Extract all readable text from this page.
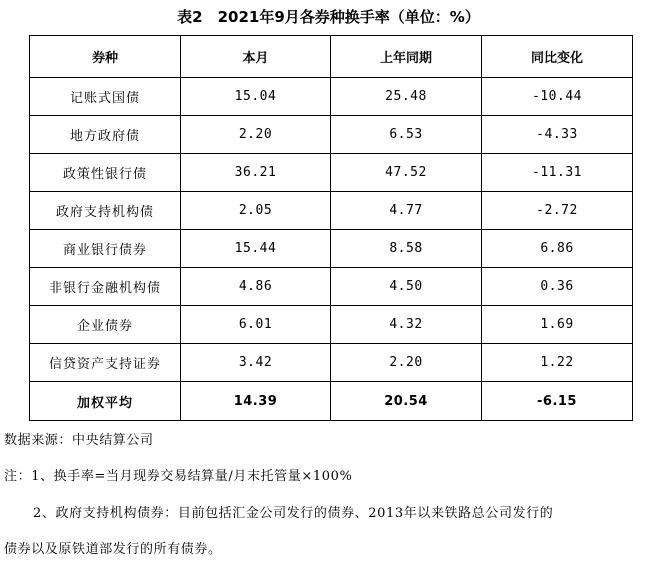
表2　2021年9月各券种换手率（单位：%）
券种	本月	上年同期	同比变化
记账式国债	15.04	25.48	-10.44
地方政府债	2.20	6.53	-4.33
政策性银行债	36.21	47.52	-11.31
政府支持机构债	2.05	4.77	-2.72
商业银行债券	15.44	8.58	6.86
非银行金融机构债	4.86	4.50	0.36
企业债券	6.01	4.32	1.69
信贷资产支持证券	3.42	2.20	1.22
加权平均	14.39	20.54	-6.15
数据来源：中央结算公司
注：1、换手率=当月现券交易结算量/月末托管量×100%
2、政府支持机构债券：目前包括汇金公司发行的债券、2013年以来铁路总公司发行的
债券以及原铁道部发行的所有债券。
